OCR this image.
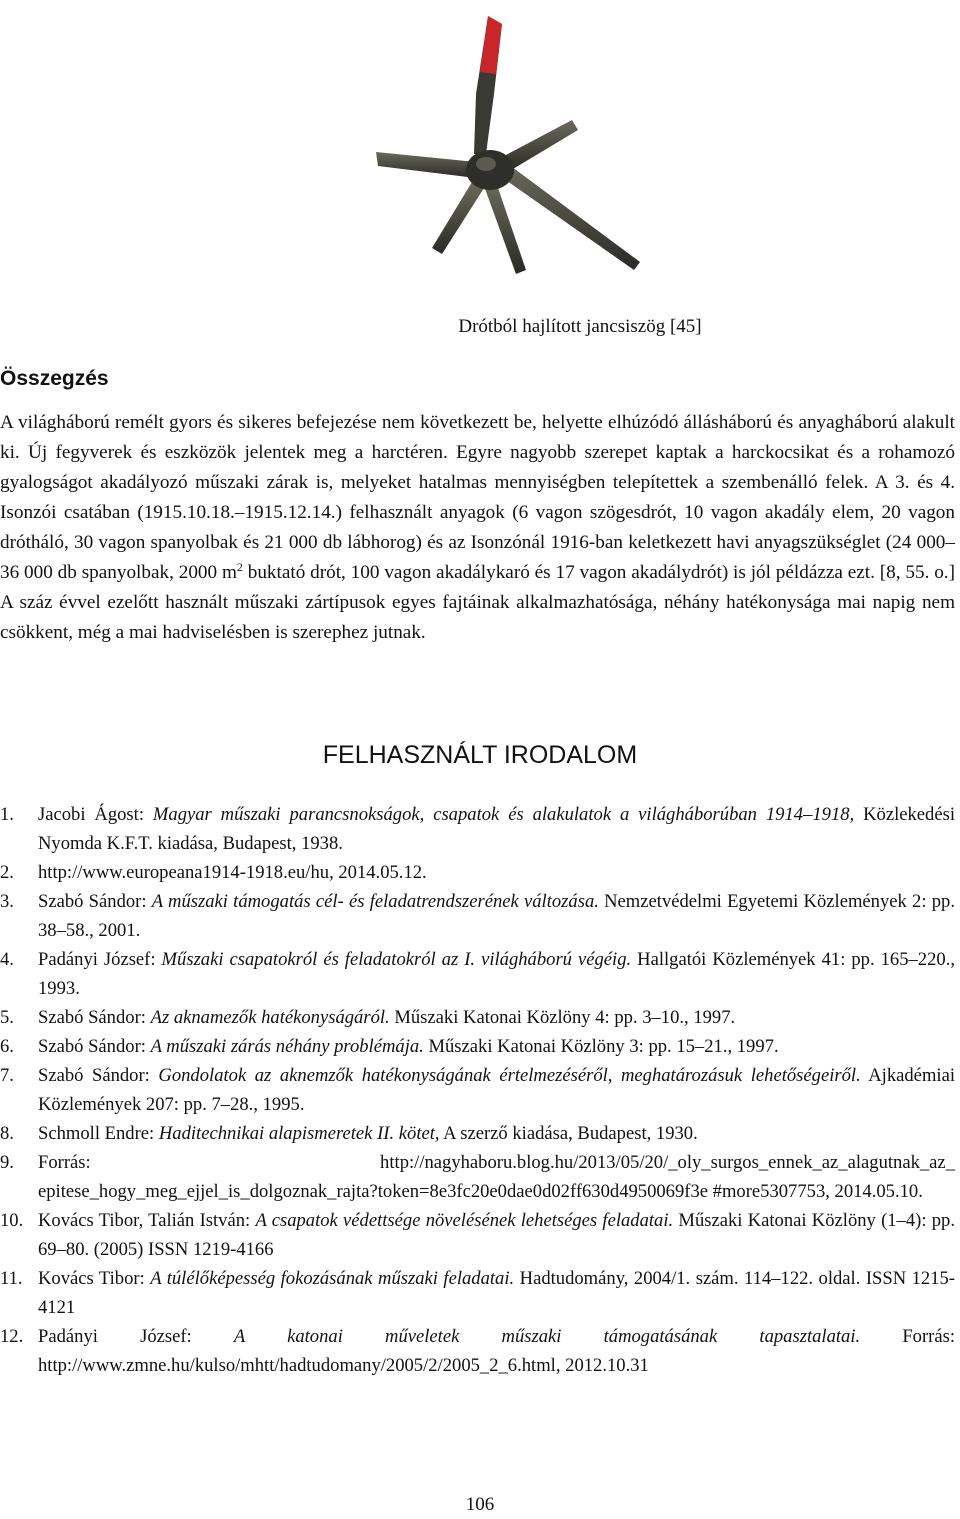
Drótból hajlított jancsiszög [45]
Összegzés

A világháború remélt gyors és sikeres befejezése nem következett be, helyette elhúzódó állásháború és anyagháború alakult ki. Új fegyverek és eszközök jelentek meg a harctéren. Egyre nagyobb szerepet kaptak a harckocsikat és a rohamozó gyalogságot akadályozó műszaki zárak is, melyeket hatalmas mennyiségben telepítettek a szembenálló felek. A 3. és 4. Isonzói csatában (1915.10.18.–1915.12.14.) felhasznált anyagok (6 vagon szögesdrót, 10 vagon akadály elem, 20 vagon drótháló, 30 vagon spanyolbak és 21 000 db lábhorog) és az Isonzónál 1916-ban keletkezett havi anyagszükséglet (24 000–36 000 db spanyolbak, 2000 $m^2$ buktató drót, 100 vagon akadálykaró és 17 vagon akadálydrót) is jól példázza ezt. [8, 55. o.] A száz évvel ezelőtt használt műszaki zártípusok egyes fajtáinak alkalmazhatósága, néhány hatékonysága mai napig nem csökkent, még a mai hadviselésben is szerephez jutnak.

FELHASZNÁLT IRODALOM
1. Jacobi Ágost: Magyar műszaki parancsnokságok, csapatok és alakulatok a világháborúban 1914–1918, Közlekedési Nyomda K.F.T. kiadása, Budapest, 1938.
2. http://www.europeana1914-1918.eu/hu, 2014.05.12.
3. Szabó Sándor: A műszaki támogatás cél- és feladatrendszerének változása. Nemzetvédelmi Egyetemi Közlemények 2: pp. 38–58., 2001.
4. Padányi József: Műszaki csapatokról és feladatokról az I. világháború végéig. Hallgatói Közlemények 41: pp. 165–220., 1993.
5. Szabó Sándor: Az aknamezők hatékonyságáról. Műszaki Katonai Közlöny 4: pp. 3–10., 1997.
6. Szabó Sándor: A műszaki zárás néhány problémája. Műszaki Katonai Közlöny 3: pp. 15–21., 1997.
7. Szabó Sándor: Gondolatok az aknemzők hatékonyságának értelmezéséről, meghatározásuk lehetőségeiről. Ajkadémiai Közlemények 207: pp. 7–28., 1995.
8. Schmoll Endre: Haditechnikai alapismeretek II. kötet, A szerző kiadása, Budapest, 1930.
9. Forrás: http://nagyhaboru.blog.hu/2013/05/20/_oly_surgos_ennek_az_alagutnak_az_ epitese_hogy_meg_ejjel_is_dolgoznak_rajta?token=8e3fc20e0dae0d02ff630d4950069f3e #more5307753, 2014.05.10.
10. Kovács Tibor, Talián István: A csapatok védettsége növelésének lehetséges feladatai. Műszaki Katonai Közlöny (1–4): pp. 69–80. (2005) ISSN 1219-4166
11. Kovács Tibor: A túlélőképesség fokozásának műszaki feladatai. Hadtudomány, 2004/1. szám. 114–122. oldal. ISSN 1215-4121
12. Padányi József: A katonai műveletek műszaki támogatásának tapasztalatai. Forrás: http://www.zmne.hu/kulso/mhtt/hadtudomany/2005/2/2005_2_6.html, 2012.10.31
106
